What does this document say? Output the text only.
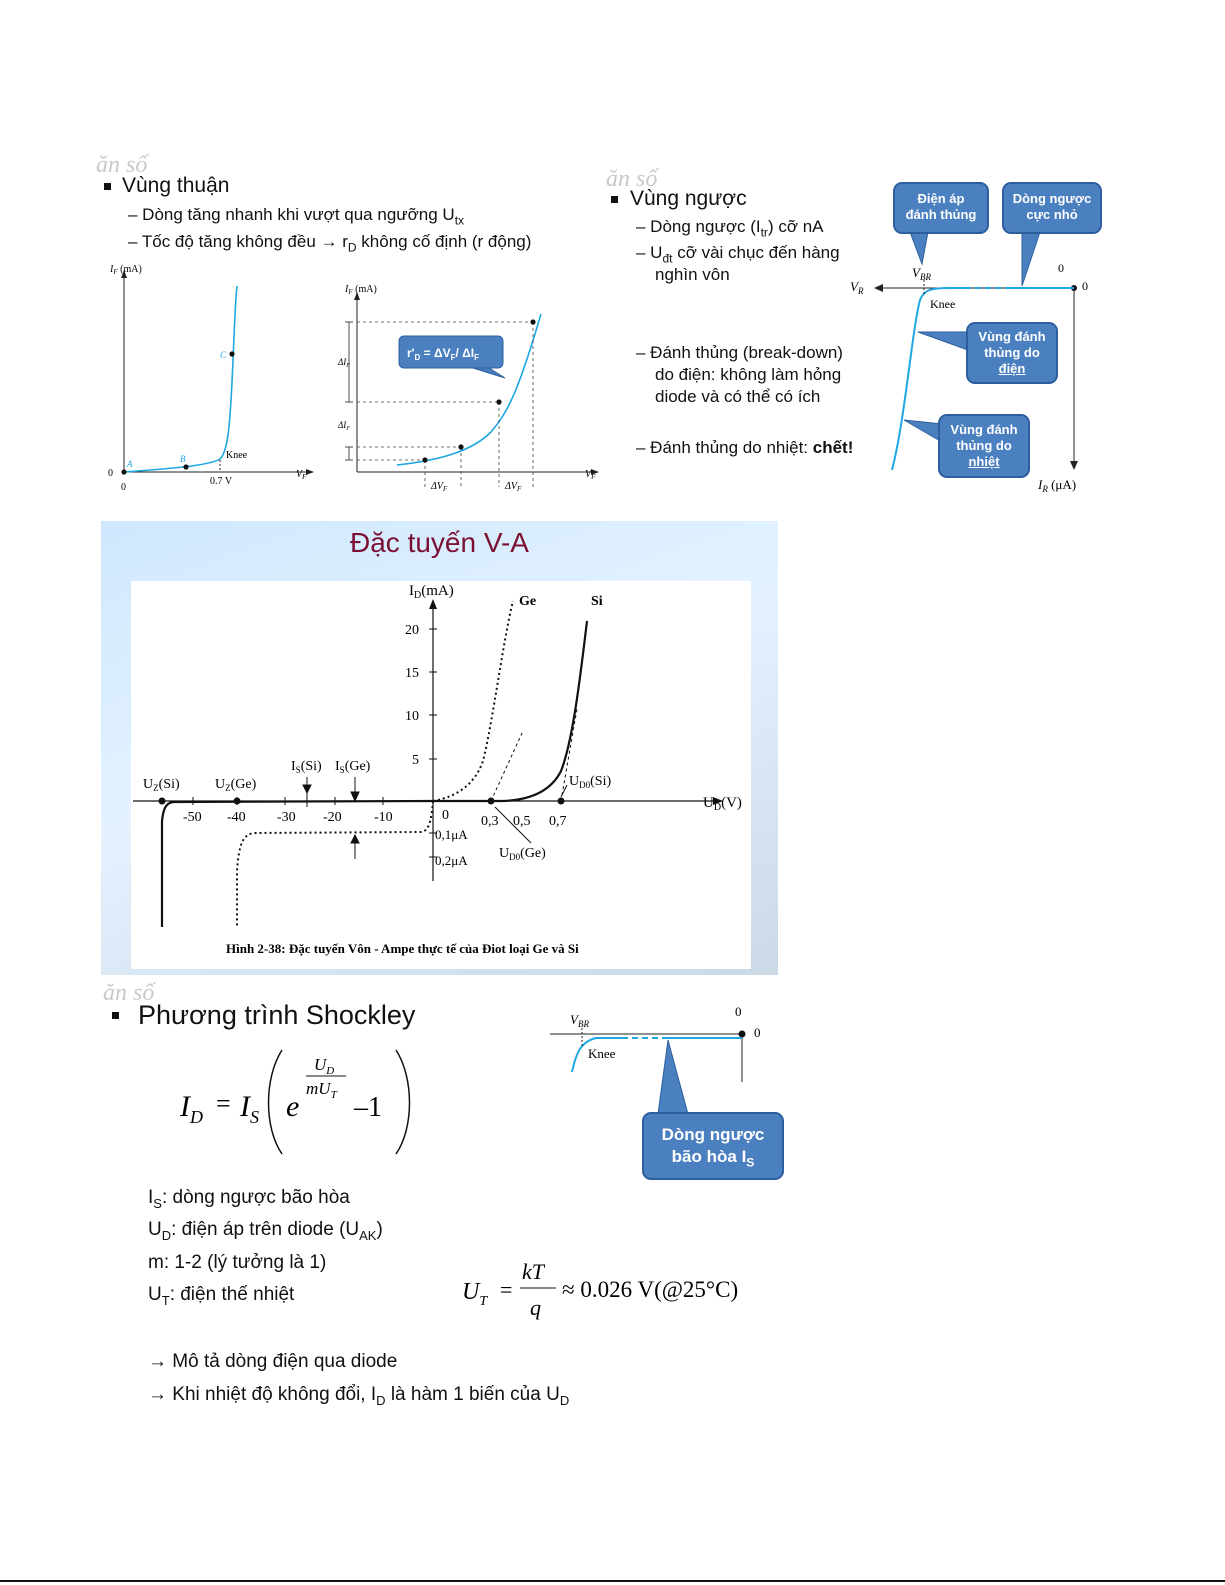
ăn số
Vùng thuận
– Dòng tăng nhanh khi vượt qua ngưỡng $U_{tx}$
– Tốc độ tăng không đều → $r_D$ không cố định (r động)
$I_F$ (mA)
$V_F$
0
0
A	B
C
Knee
0.7 V
$I_F$ (mA)
$V_F$
$\Delta I_F$
$\Delta I_F$
$\Delta V_F$	$\Delta V_F$
$r'_D = \Delta V_F/$ $\Delta I_F$
ăn số
Vùng ngược
– Dòng ngược $(I_{tr})$ cỡ nA
– $U_{đt}$ cỡ vài chục đến hàng
nghìn vôn
– Đánh thủng (break-down)
do điện: không làm hỏng
diode và có thể có ích
– Đánh thủng do nhiệt: chết!
$V_{BR}$
$V_R$
0
0
Knee
$I_R$ (μA)
Điện áp
đánh thủng
Dòng ngược
cực nhỏ
Vùng đánh
thủng do
điện
Vùng đánh
thủng do
nhiệt
Đặc tuyến V-A
$I_D(mA)$
$U_D(V)$
5
10
15
20
-50 -40 -30 -20 -10	0 0,3 0,5 0,7
0,1μA
0,2μA
Ge	Si
$U_Z(Si)$	$U_Z(Ge)$
$I_S(Si)$ $I_S(Ge)$
$U_{D0}(Si)$
$U_{D0}(Ge)$
Hình 2-38: Đặc tuyến Vôn - Ampe thực tế của Điot loại Ge và Si
ăn số
Phương trình Shockley
$I_D = I_S$ e
$U_D$
$mU_T$ –1
$V_{BR}$
0
0
Knee
Dòng ngược
bão hòa $I_S$
$I_S$: dòng ngược bão hòa
$U_D$: điện áp trên diode $(U_{AK})$
m: 1-2 (lý tưởng là 1)
$U_T$: điện thế nhiệt	$U_T$ =
kT
q
≈ 0.026 V(@25°C)
→ Mô tả dòng điện qua diode
→ Khi nhiệt độ không đổi, $I_D$ là hàm 1 biến của $U_D$
